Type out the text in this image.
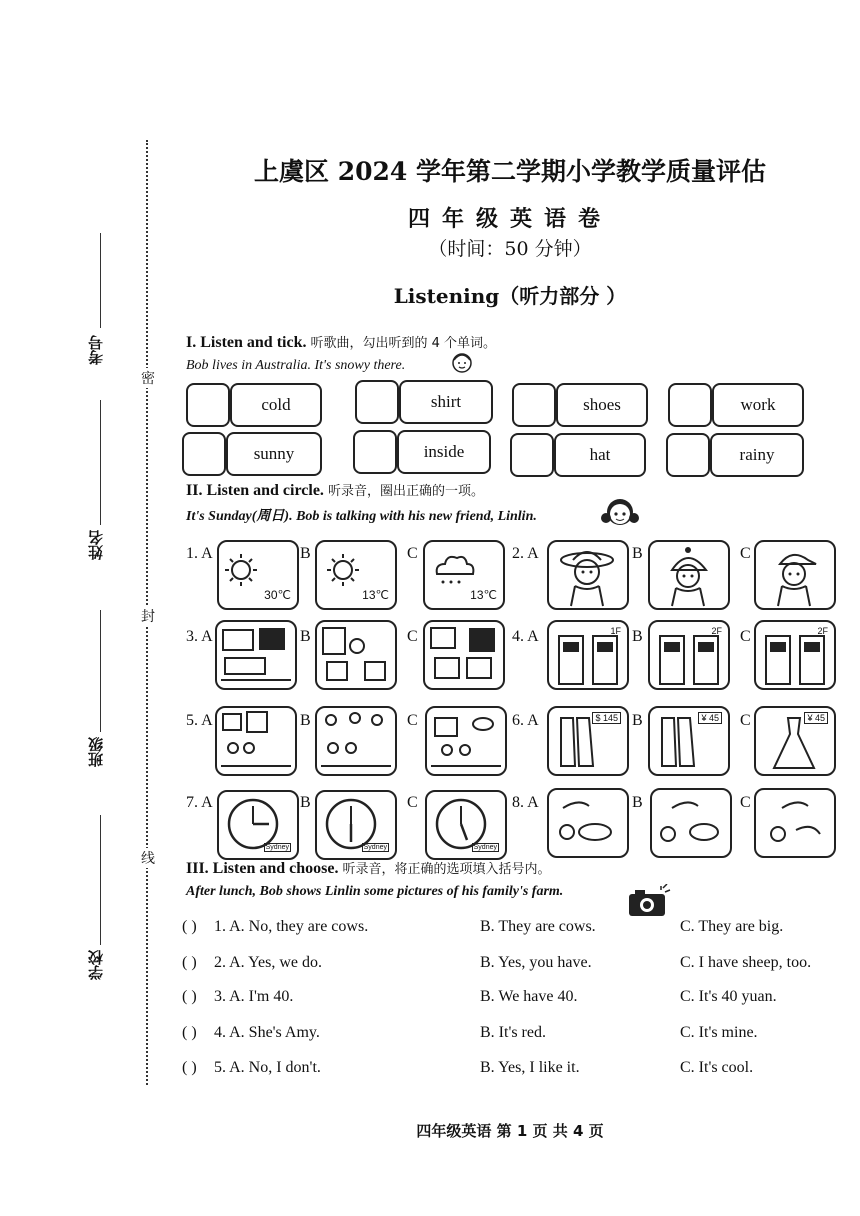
密
封
线
考号
姓名
班级
学校
上虞区 2024 学年第二学期小学教学质量评估
四年级英语卷
（时间：50 分钟）
Listening（听力部分 ）
I. Listen and tick. 听歌曲，勾出听到的 4 个单词。
Bob lives in Australia. It's snowy there.
cold	shirt	shoes	work
sunny	inside	hat	rainy
II. Listen and circle. 听录音，圈出正确的一项。
It's Sunday(周日). Bob is talking with his new friend, Linlin.
1. A
30℃
B
13℃
C
13℃
2. A	B	C
3. A	B	C	4. A	1F B	2F C	2F
5. A	B	C	6. A	$ 145 B	¥ 45 C	¥ 45
7. A
Sydney
B
Sydney
C
Sydney
8. A	B	C
III. Listen and choose. 听录音，将正确的选项填入括号内。
After lunch, Bob shows Linlin some pictures of his family's farm.
( ) 1. A. No, they are cows.	B. They are cows.	C. They are big.
( ) 2. A. Yes, we do.	B. Yes, you have.	C. I have sheep, too.
( ) 3. A. I'm 40.	B. We have 40.	C. It's 40 yuan.
( ) 4. A. She's Amy.	B. It's red.	C. It's mine.
( ) 5. A. No, I don't.	B. Yes, I like it.	C. It's cool.
四年级英语 第 1 页 共 4 页
